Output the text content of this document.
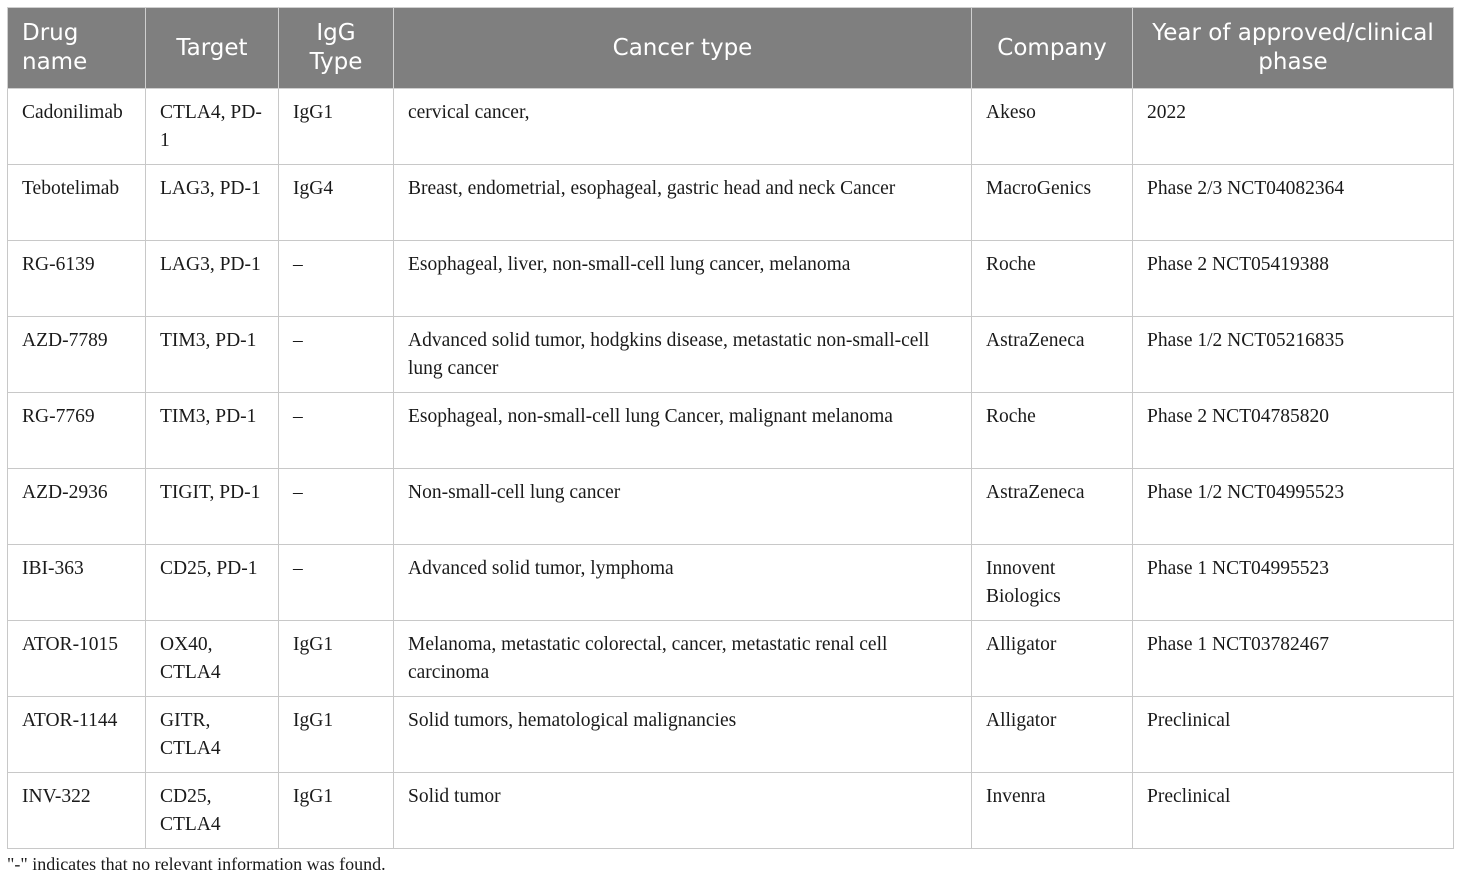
Drug name	Target	IgG Type	Cancer type	Company	Year of approved/clinical phase
Cadonilimab	CTLA4, PD-1	IgG1	cervical cancer,	Akeso	2022
Tebotelimab	LAG3, PD-1	IgG4	Breast, endometrial, esophageal, gastric head and neck Cancer	MacroGenics	Phase 2/3 NCT04082364
RG-6139	LAG3, PD-1	–	Esophageal, liver, non-small-cell lung cancer, melanoma	Roche	Phase 2 NCT05419388
AZD-7789	TIM3, PD-1	–	Advanced solid tumor, hodgkins disease, metastatic non-small-cell lung cancer	AstraZeneca	Phase 1/2 NCT05216835
RG-7769	TIM3, PD-1	–	Esophageal, non-small-cell lung Cancer, malignant melanoma	Roche	Phase 2 NCT04785820
AZD-2936	TIGIT, PD-1	–	Non-small-cell lung cancer	AstraZeneca	Phase 1/2 NCT04995523
IBI-363	CD25, PD-1	–	Advanced solid tumor, lymphoma	Innovent Biologics	Phase 1 NCT04995523
ATOR-1015	OX40, CTLA4	IgG1	Melanoma, metastatic colorectal, cancer, metastatic renal cell carcinoma	Alligator	Phase 1 NCT03782467
ATOR-1144	GITR, CTLA4	IgG1	Solid tumors, hematological malignancies	Alligator	Preclinical
INV-322	CD25, CTLA4	IgG1	Solid tumor	Invenra	Preclinical
"-" indicates that no relevant information was found.
